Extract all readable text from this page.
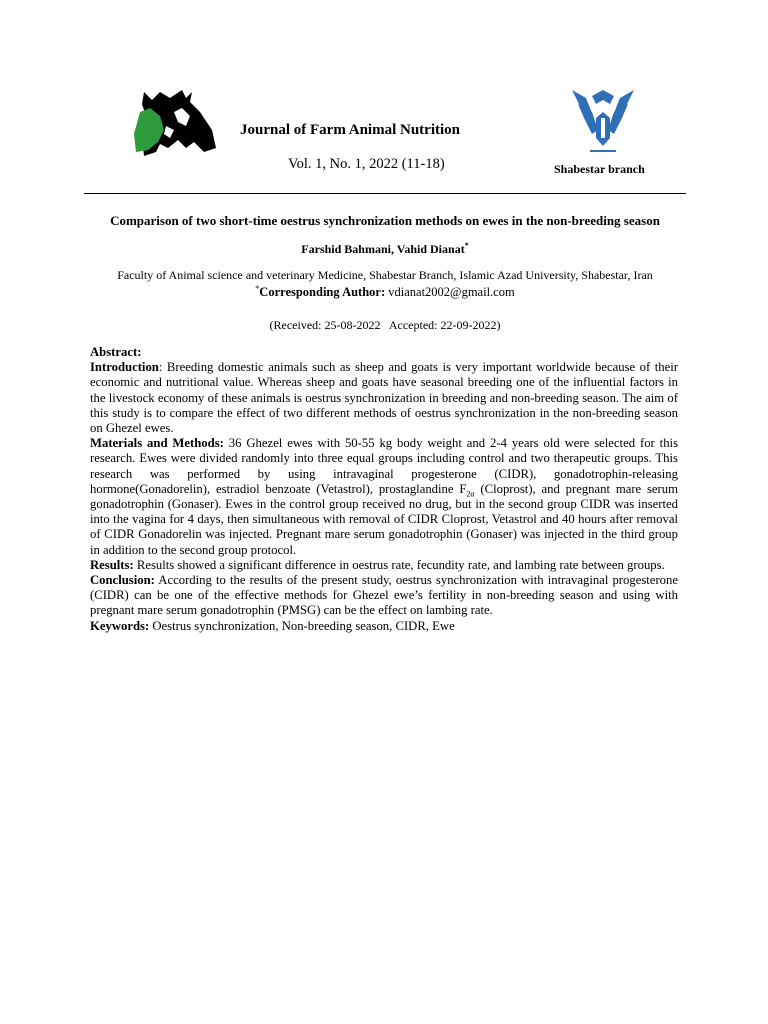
Journal of Farm Animal Nutrition
Vol. 1, No. 1, 2022 (11-18)	Shabestar branch
Comparison of two short-time oestrus synchronization methods on ewes in the non-breeding season
Farshid Bahmani, Vahid Dianat*
Faculty of Animal science and veterinary Medicine, Shabestar Branch, Islamic Azad University, Shabestar, Iran
*Corresponding Author: vdianat2002@gmail.com
(Received: 25-08-2022   Accepted: 22-09-2022)

Abstract:

Introduction: Breeding domestic animals such as sheep and goats is very important worldwide because of their economic and nutritional value. Whereas sheep and goats have seasonal breeding one of the influential factors in the livestock economy of these animals is oestrus synchronization in breeding and non-breeding season. The aim of this study is to compare the effect of two different methods of oestrus synchronization in the non-breeding season on Ghezel ewes.

Materials and Methods: 36 Ghezel ewes with 50-55 kg body weight and 2-4 years old were selected for this research. Ewes were divided randomly into three equal groups including control and two therapeutic groups. This research was performed by using intravaginal progesterone (CIDR), gonadotrophin-releasing hormone(Gonadorelin), estradiol benzoate (Vetastrol), prostaglandine $F_{2\alpha}$ (Cloprost), and pregnant mare serum gonadotrophin (Gonaser). Ewes in the control group received no drug, but in the second group CIDR was inserted into the vagina for 4 days, then simultaneous with removal of CIDR Cloprost, Vetastrol and 40 hours after removal of CIDR Gonadorelin was injected. Pregnant mare serum gonadotrophin (Gonaser) was injected in the third group in addition to the second group protocol.

Results: Results showed a significant difference in oestrus rate, fecundity rate, and lambing rate between groups.

Conclusion: According to the results of the present study, oestrus synchronization with intravaginal progesterone (CIDR) can be one of the effective methods for Ghezel ewe’s fertility in non-breeding season and using with pregnant mare serum gonadotrophin (PMSG) can be the effect on lambing rate.

Keywords: Oestrus synchronization, Non-breeding season, CIDR, Ewe
